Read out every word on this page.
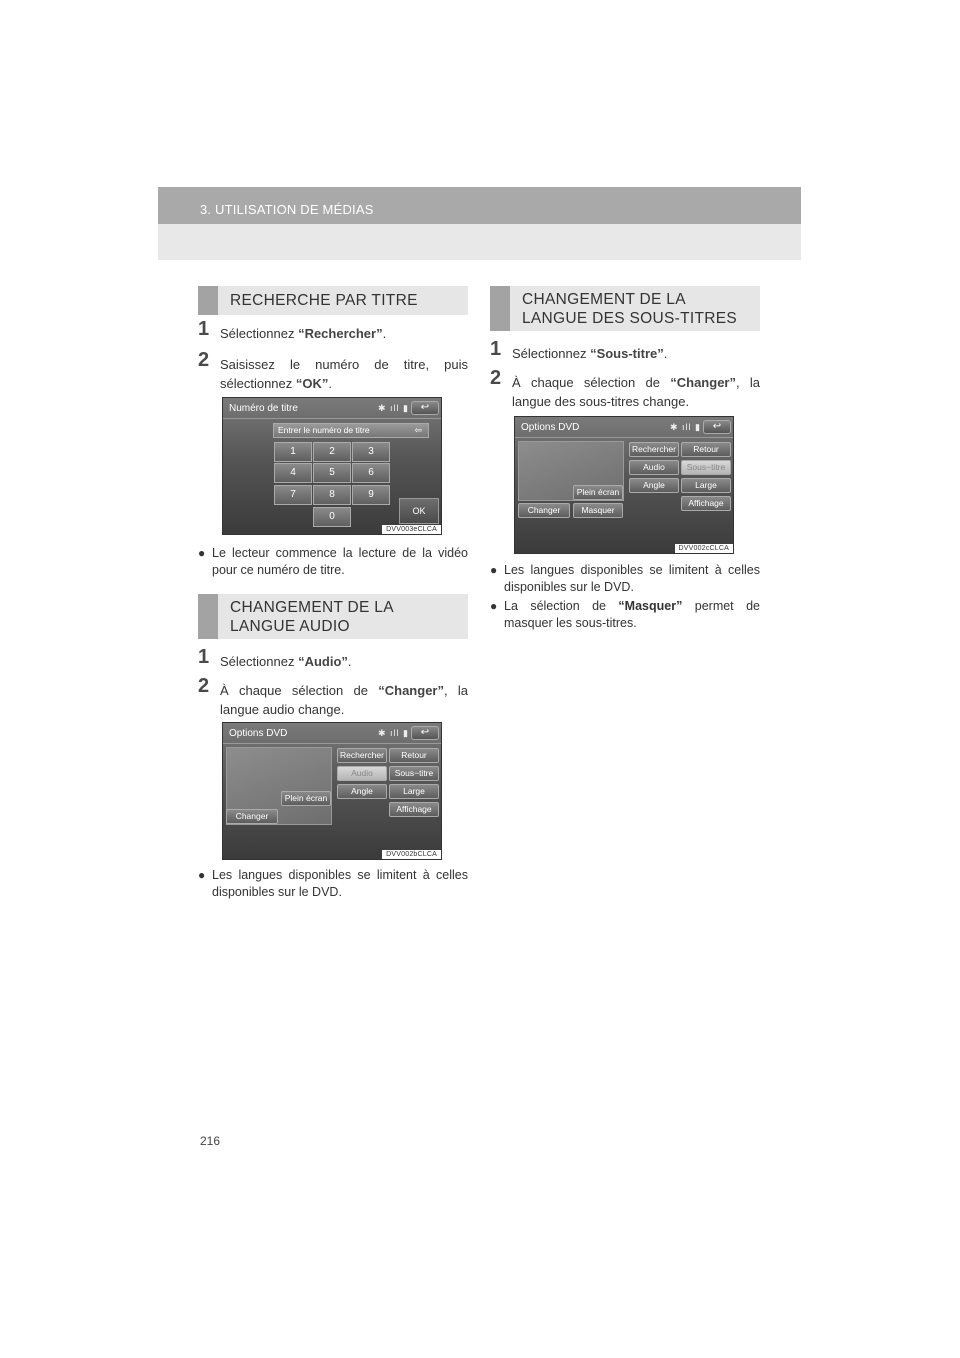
3. UTILISATION DE MÉDIAS
RECHERCHE PAR TITRE
1 Sélectionnez “Rechercher”.
2 Saisissez le numéro de titre, puis sélectionnez “OK”.
Numéro de titre	✱ ıll ▮	↩
Entrer le numéro de titre	⇦
1	2	3
4	5	6
7	8	9
0	OK
DVV003eCLCA
● Le lecteur commence la lecture de la vidéo pour ce numéro de titre.
CHANGEMENT DE LA
LANGUE AUDIO
1 Sélectionnez “Audio”.
2 À chaque sélection de “Changer”, la langue audio change.
Options DVD	✱ ıll ▮	↩
Rechercher	Retour
Audio	Sous−titre
Angle	Large
Affichage
Plein écran
Changer
DVV002bCLCA
● Les langues disponibles se limitent à celles disponibles sur le DVD.
CHANGEMENT DE LA
LANGUE DES SOUS-TITRES
1 Sélectionnez “Sous-titre”.
2 À chaque sélection de “Changer”, la langue des sous-titres change.
Options DVD	✱ ıll ▮	↩
Rechercher	Retour
Audio	Sous−titre
Angle	Large
Affichage
Plein écran
Changer	Masquer
DVV002cCLCA
● Les langues disponibles se limitent à celles disponibles sur le DVD.
● La sélection de “Masquer” permet de masquer les sous-titres.
216
